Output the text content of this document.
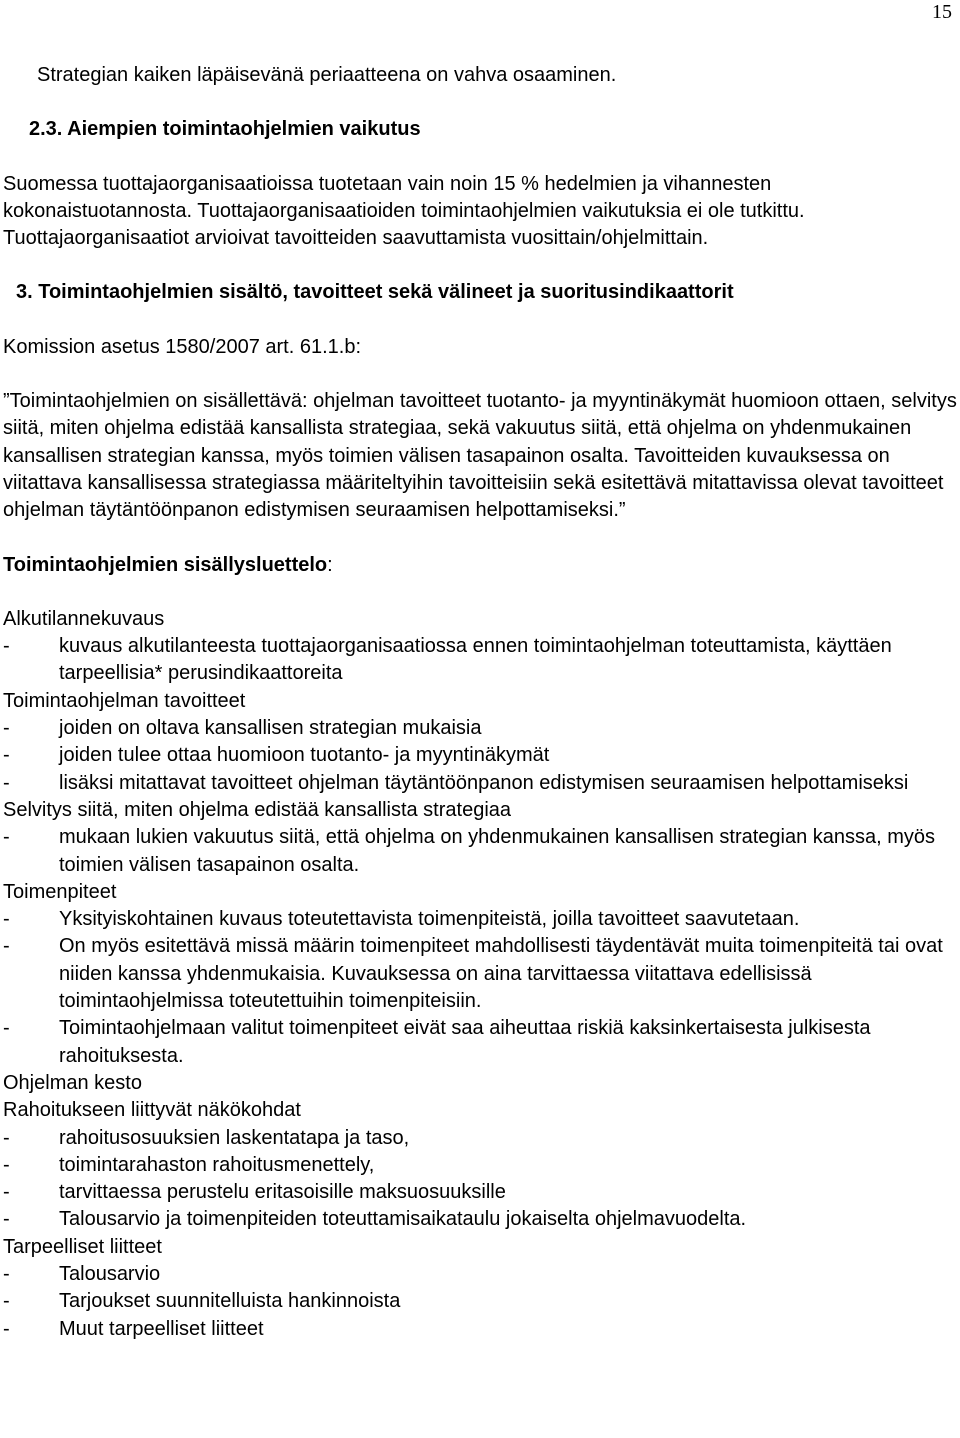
15

Strategian kaiken läpäisevänä periaatteena on vahva osaaminen.

2.3. Aiempien toimintaohjelmien vaikutus

Suomessa tuottajaorganisaatioissa tuotetaan vain noin 15 % hedelmien ja vihannesten kokonaistuotannosta. Tuottajaorganisaatioiden toimintaohjelmien vaikutuksia ei ole tutkittu. Tuottajaorganisaatiot arvioivat tavoitteiden saavuttamista vuosittain/ohjelmittain.

3. Toimintaohjelmien sisältö, tavoitteet sekä välineet ja suoritusindikaattorit

Komission asetus 1580/2007 art. 61.1.b:

”Toimintaohjelmien on sisällettävä: ohjelman tavoitteet tuotanto- ja myyntinäkymät huomioon ottaen, selvitys siitä, miten ohjelma edistää kansallista strategiaa, sekä vakuutus siitä, että ohjelma on yhdenmukainen kansallisen strategian kanssa, myös toimien välisen tasapainon osalta. Tavoitteiden kuvauksessa on viitattava kansallisessa strategiassa määriteltyihin tavoitteisiin sekä esitettävä mitattavissa olevat tavoitteet ohjelman täytäntöönpanon edistymisen seuraamisen helpottamiseksi.”

Toimintaohjelmien sisällysluettelo:

Alkutilannekuvaus

-	kuvaus alkutilanteesta tuottajaorganisaatiossa ennen toimintaohjelman toteuttamista, käyttäen tarpeellisia* perusindikaattoreita

Toimintaohjelman tavoitteet

-	joiden on oltava kansallisen strategian mukaisia
-	joiden tulee ottaa huomioon tuotanto- ja myyntinäkymät
-	lisäksi mitattavat tavoitteet ohjelman täytäntöönpanon edistymisen seuraamisen helpottamiseksi

Selvitys siitä, miten ohjelma edistää kansallista strategiaa

-	mukaan lukien vakuutus siitä, että ohjelma on yhdenmukainen kansallisen strategian kanssa, myös toimien välisen tasapainon osalta.

Toimenpiteet

-	Yksityiskohtainen kuvaus toteutettavista toimenpiteistä, joilla tavoitteet saavutetaan.
-	On myös esitettävä missä määrin toimenpiteet mahdollisesti täydentävät muita toimenpiteitä tai ovat niiden kanssa yhdenmukaisia. Kuvauksessa on aina tarvittaessa viitattava edellisissä toimintaohjelmissa toteutettuihin toimenpiteisiin.
-	Toimintaohjelmaan valitut toimenpiteet eivät saa aiheuttaa riskiä kaksinkertaisesta julkisesta rahoituksesta.

Ohjelman kesto

Rahoitukseen liittyvät näkökohdat

-	rahoitusosuuksien laskentatapa ja taso,
-	toimintarahaston rahoitusmenettely,
-	tarvittaessa perustelu eritasoisille maksuosuuksille
-	Talousarvio ja toimenpiteiden toteuttamisaikataulu jokaiselta ohjelmavuodelta.

Tarpeelliset liitteet

-	Talousarvio
-	Tarjoukset suunnitelluista hankinnoista
-	Muut tarpeelliset liitteet
